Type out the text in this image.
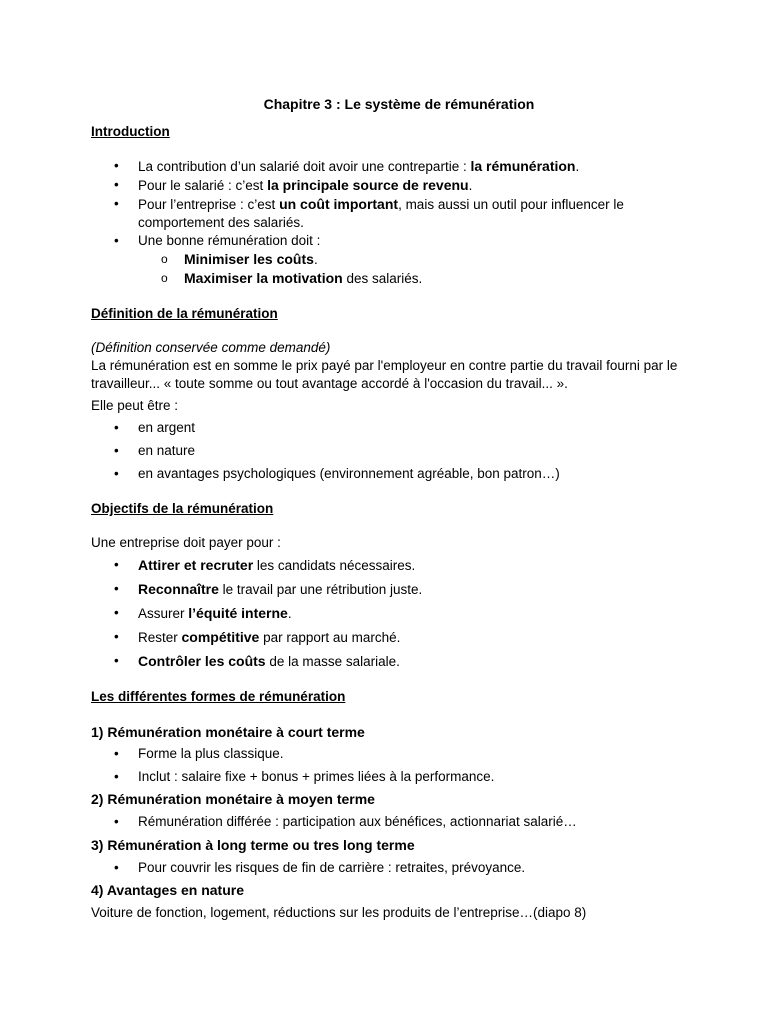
Chapitre 3 : Le système de rémunération

Introduction

• La contribution d’un salarié doit avoir une contrepartie : la rémunération.
• Pour le salarié : c’est la principale source de revenu.
• Pour l’entreprise : c’est un coût important, mais aussi un outil pour influencer le comportement des salariés.
• Une bonne rémunération doit :
o Minimiser les coûts.
o Maximiser la motivation des salariés.

Définition de la rémunération

(Définition conservée comme demandé)

La rémunération est en somme le prix payé par l'employeur en contre partie du travail fourni par le travailleur... « toute somme ou tout avantage accordé à l'occasion du travail... ».

Elle peut être :

• en argent
• en nature
• en avantages psychologiques (environnement agréable, bon patron…)

Objectifs de la rémunération

Une entreprise doit payer pour :

• Attirer et recruter les candidats nécessaires.
• Reconnaître le travail par une rétribution juste.
• Assurer l’équité interne.
• Rester compétitive par rapport au marché.
• Contrôler les coûts de la masse salariale.

Les différentes formes de rémunération

1) Rémunération monétaire à court terme

• Forme la plus classique.
• Inclut : salaire fixe + bonus + primes liées à la performance.

2) Rémunération monétaire à moyen terme

• Rémunération différée : participation aux bénéfices, actionnariat salarié…

3) Rémunération à long terme ou tres long terme

• Pour couvrir les risques de fin de carrière : retraites, prévoyance.

4) Avantages en nature

Voiture de fonction, logement, réductions sur les produits de l’entreprise…(diapo 8)
